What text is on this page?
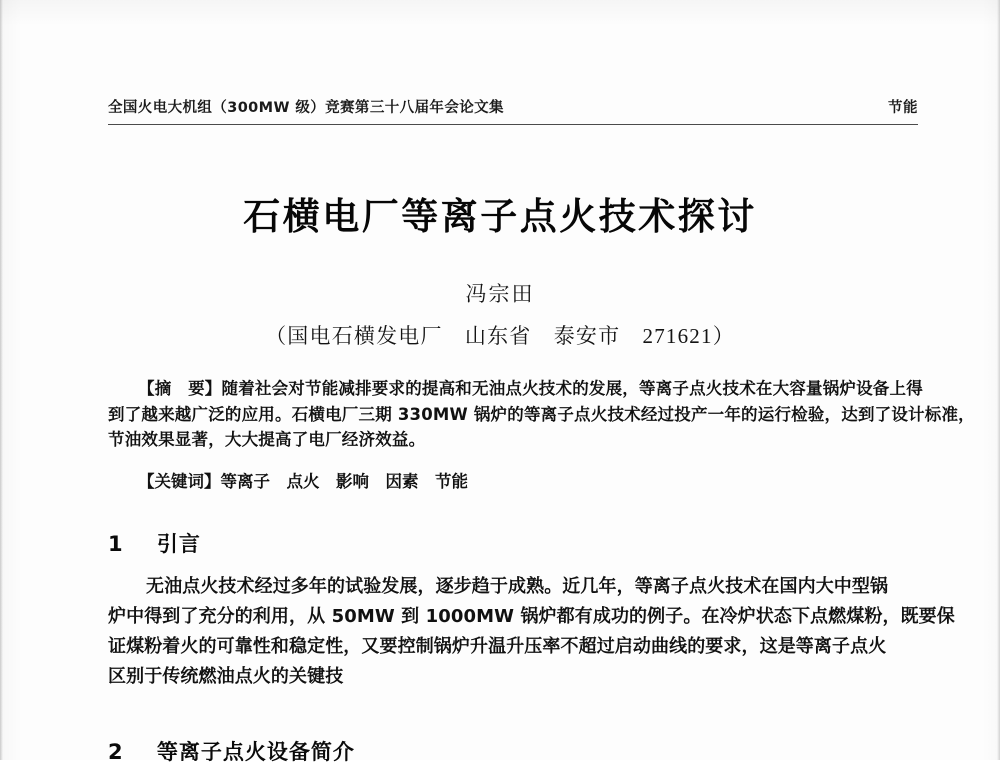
全国火电大机组（300MW 级）竞赛第三十八届年会论文集	节能
石横电厂等离子点火技术探讨
冯宗田
（国电石横发电厂　山东省　泰安市　271621）
【摘　要】随着社会对节能减排要求的提高和无油点火技术的发展，等离子点火技术在大容量锅炉设备上得
到了越来越广泛的应用。石横电厂三期 330MW 锅炉的等离子点火技术经过投产一年的运行检验，达到了设计标准，
节油效果显著，大大提高了电厂经济效益。
【关键词】等离子　点火　影响　因素　节能
1    引言
无油点火技术经过多年的试验发展，逐步趋于成熟。近几年，等离子点火技术在国内大中型锅
炉中得到了充分的利用，从 50MW 到 1000MW 锅炉都有成功的例子。在冷炉状态下点燃煤粉，既要保
证煤粉着火的可靠性和稳定性，又要控制锅炉升温升压率不超过启动曲线的要求，这是等离子点火
区别于传统燃油点火的关键技
2    等离子点火设备简介
